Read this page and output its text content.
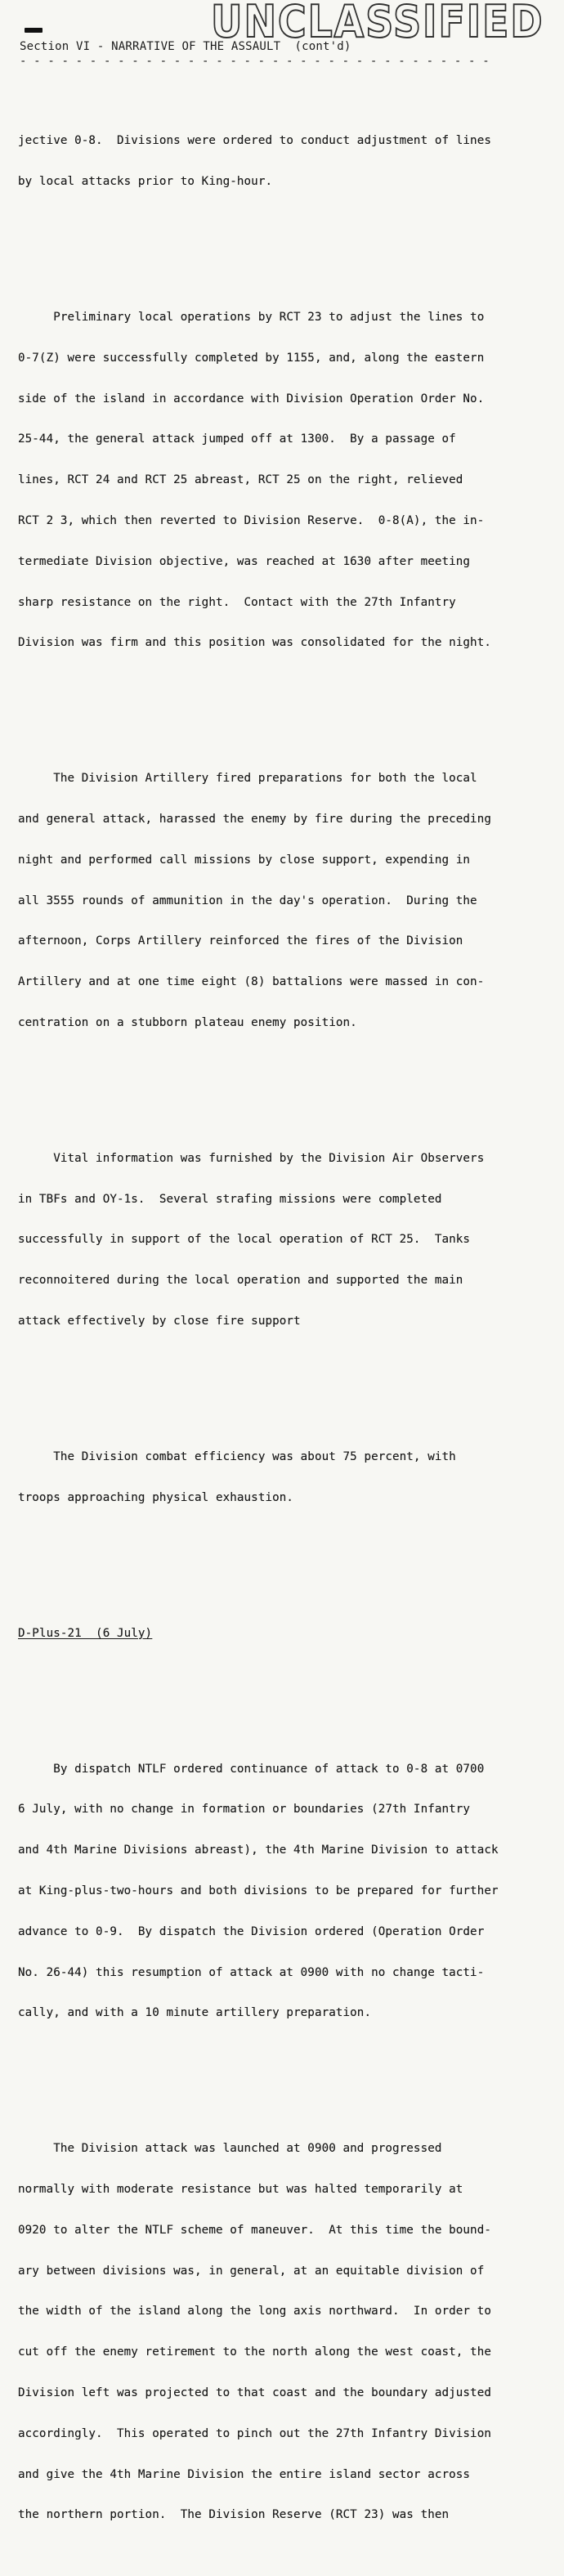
UNCLASSIFIED
Section VI - NARRATIVE OF THE ASSAULT  (cont'd)
- - - - - - - - - - - - - - - - - - - - - - - - - - - - - - - - - -

jective 0-8.  Divisions were ordered to conduct adjustment of lines

by local attacks prior to King-hour.

Preliminary local operations by RCT 23 to adjust the lines to

0-7(Z) were successfully completed by 1155, and, along the eastern

side of the island in accordance with Division Operation Order No.

25-44, the general attack jumped off at 1300.  By a passage of

lines, RCT 24 and RCT 25 abreast, RCT 25 on the right, relieved

RCT 2 3, which then reverted to Division Reserve.  0-8(A), the in-

termediate Division objective, was reached at 1630 after meeting

sharp resistance on the right.  Contact with the 27th Infantry

Division was firm and this position was consolidated for the night.

The Division Artillery fired preparations for both the local

and general attack, harassed the enemy by fire during the preceding

night and performed call missions by close support, expending in

all 3555 rounds of ammunition in the day's operation.  During the

afternoon, Corps Artillery reinforced the fires of the Division

Artillery and at one time eight (8) battalions were massed in con-

centration on a stubborn plateau enemy position.

Vital information was furnished by the Division Air Observers

in TBFs and OY-1s.  Several strafing missions were completed

successfully in support of the local operation of RCT 25.  Tanks

reconnoitered during the local operation and supported the main

attack effectively by close fire support

The Division combat efficiency was about 75 percent, with

troops approaching physical exhaustion.

D-Plus-21  (6 July)

By dispatch NTLF ordered continuance of attack to 0-8 at 0700

6 July, with no change in formation or boundaries (27th Infantry

and 4th Marine Divisions abreast), the 4th Marine Division to attack

at King-plus-two-hours and both divisions to be prepared for further

advance to 0-9.  By dispatch the Division ordered (Operation Order

No. 26-44) this resumption of attack at 0900 with no change tacti-

cally, and with a 10 minute artillery preparation.

The Division attack was launched at 0900 and progressed

normally with moderate resistance but was halted temporarily at

0920 to alter the NTLF scheme of maneuver.  At this time the bound-

ary between divisions was, in general, at an equitable division of

the width of the island along the long axis northward.  In order to

cut off the enemy retirement to the north along the west coast, the

Division left was projected to that coast and the boundary adjusted

accordingly.  This operated to pinch out the 27th Infantry Division

and give the 4th Marine Division the entire island sector across

the northern portion.  The Division Reserve (RCT 23) was then
